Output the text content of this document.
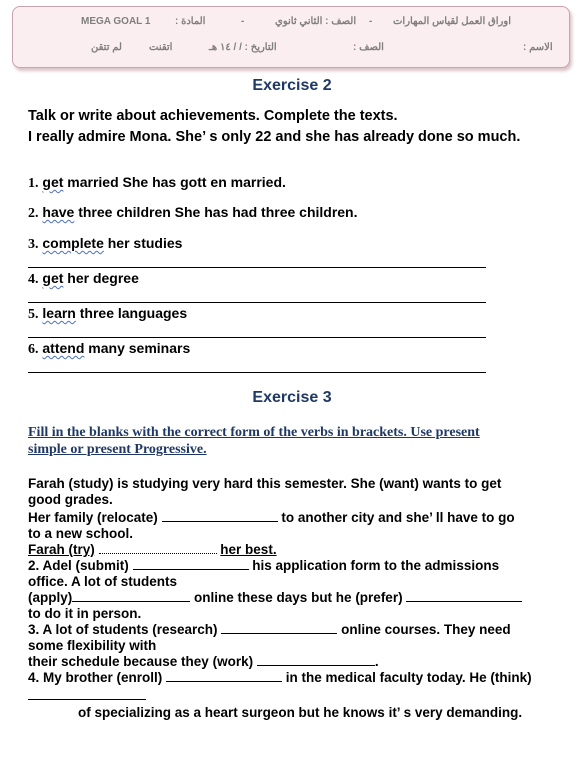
MEGA GOAL 1 : المادة	-	الصف : الثاني ثانوي - اوراق العمل لقياس المهارات
لم تتقن	اتقنت	التاريخ : / / ١٤ هـ	: الصف	: الاسم
Exercise 2
Talk or write about achievements. Complete the texts.
I really admire Mona. She’ s only 22 and she has already done so much.
1. get married She has gott en married.
2. have three children She has had three children.
3. complete her studies
4. get her degree
5. learn three languages
6. attend many seminars
Exercise 3
Fill in the blanks with the correct form of the verbs in brackets. Use present
simple or present Progressive.
Farah (study) is studying very hard this semester. She (want) wants to get
good grades.
Her family (relocate)	to another city and she’ ll have to go
to a new school.
Farah (try)	her best.
2. Adel (submit)	his application form to the admissions
office. A lot of students
(apply)	online these days but he (prefer)
to do it in person.
3. A lot of students (research)	online courses. They need
some flexibility with
their schedule because they (work)	.
4. My brother (enroll)	in the medical faculty today. He (think)
of specializing as a heart surgeon but he knows it’ s very demanding.
